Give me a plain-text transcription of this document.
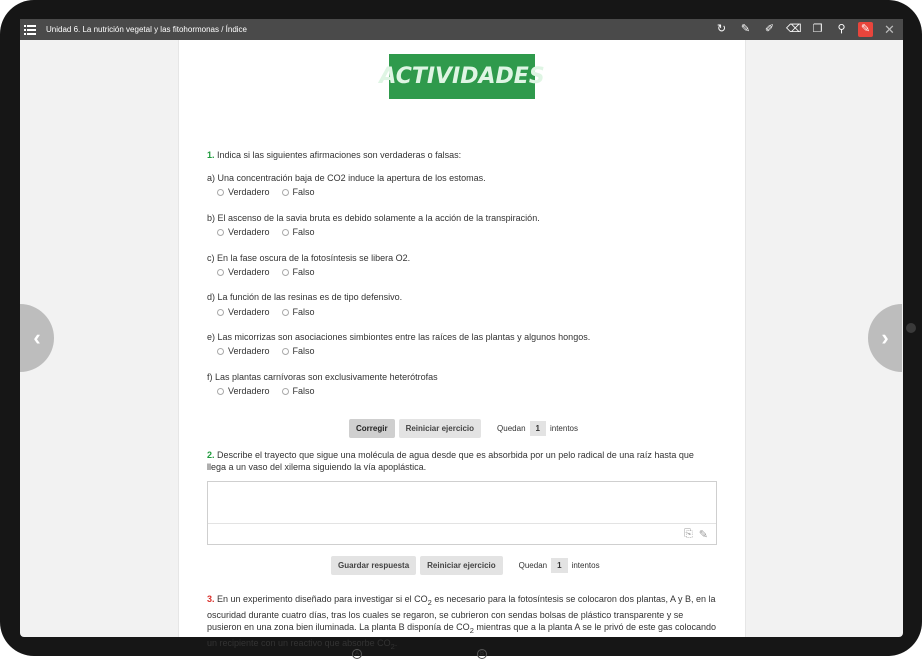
Unidad 6. La nutrición vegetal y las fitohormonas / Índice	↻ ✎ ✐ ⌫ ❐	⚲	✎ ✕
ACTIVIDADES
1. Indica si las siguientes afirmaciones son verdaderas o falsas:
a) Una concentración baja de CO2 induce la apertura de los estomas.
Verdadero	Falso
b) El ascenso de la savia bruta es debido solamente a la acción de la transpiración.
Verdadero	Falso
c) En la fase oscura de la fotosíntesis se libera O2.
Verdadero	Falso
d) La función de las resinas es de tipo defensivo.
Verdadero	Falso
e) Las micorrizas son asociaciones simbiontes entre las raíces de las plantas y algunos hongos.
Verdadero	Falso
f) Las plantas carnívoras son exclusivamente heterótrofas
Verdadero	Falso
Corregir	Reiniciar ejercicio	Quedan	1	intentos
2. Describe el trayecto que sigue una molécula de agua desde que es absorbida por un pelo radical de una raíz hasta que
llega a un vaso del xilema siguiendo la vía apoplástica.
⎘ ✎
Guardar respuesta	Reiniciar ejercicio	Quedan	1	intentos
3. En un experimento diseñado para investigar si el $CO_2$ es necesario para la fotosíntesis se colocaron dos plantas, A y B, en la
oscuridad durante cuatro días, tras los cuales se regaron, se cubrieron con sendas bolsas de plástico transparente y se
pusieron en una zona bien iluminada. La planta B disponía de $CO_2$ mientras que a la planta A se le privó de este gas colocando
un recipiente con un reactivo que absorbe $CO_2$.
A	B
‹	›
